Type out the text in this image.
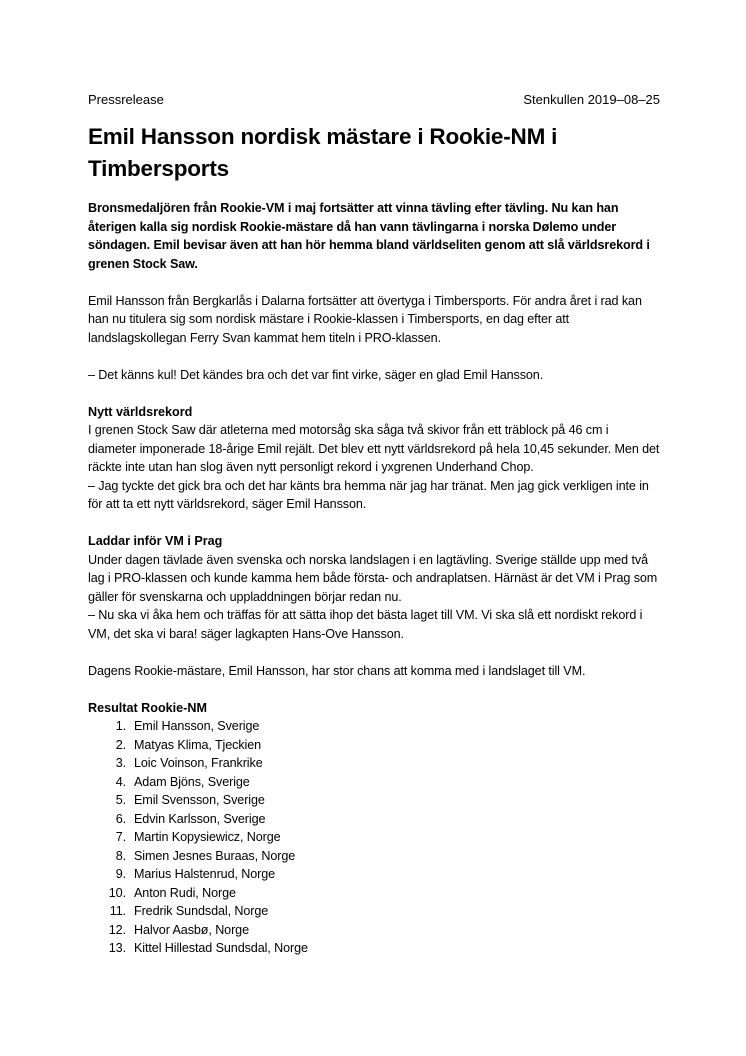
Pressrelease	Stenkullen 2019–08–25
Emil Hansson nordisk mästare i Rookie-NM i Timbersports

Bronsmedaljören från Rookie-VM i maj fortsätter att vinna tävling efter tävling. Nu kan han återigen kalla sig nordisk Rookie-mästare då han vann tävlingarna i norska Dølemo under söndagen. Emil bevisar även att han hör hemma bland världseliten genom att slå världsrekord i grenen Stock Saw.

Emil Hansson från Bergkarlås i Dalarna fortsätter att övertyga i Timbersports. För andra året i rad kan han nu titulera sig som nordisk mästare i Rookie-klassen i Timbersports, en dag efter att landslagskollegan Ferry Svan kammat hem titeln i PRO-klassen.

– Det känns kul! Det kändes bra och det var fint virke, säger en glad Emil Hansson.

Nytt världsrekord

I grenen Stock Saw där atleterna med motorsåg ska såga två skivor från ett träblock på 46 cm i diameter imponerade 18-årige Emil rejält. Det blev ett nytt världsrekord på hela 10,45 sekunder. Men det räckte inte utan han slog även nytt personligt rekord i yxgrenen Underhand Chop.

– Jag tyckte det gick bra och det har känts bra hemma när jag har tränat. Men jag gick verkligen inte in för att ta ett nytt världsrekord, säger Emil Hansson.

Laddar inför VM i Prag

Under dagen tävlade även svenska och norska landslagen i en lagtävling. Sverige ställde upp med två lag i PRO-klassen och kunde kamma hem både första- och andraplatsen. Härnäst är det VM i Prag som gäller för svenskarna och uppladdningen börjar redan nu.

– Nu ska vi åka hem och träffas för att sätta ihop det bästa laget till VM. Vi ska slå ett nordiskt rekord i VM, det ska vi bara! säger lagkapten Hans-Ove Hansson.

Dagens Rookie-mästare, Emil Hansson, har stor chans att komma med i landslaget till VM.

Resultat Rookie-NM
1. Emil Hansson, Sverige
2. Matyas Klima, Tjeckien
3. Loic Voinson, Frankrike
4. Adam Bjöns, Sverige
5. Emil Svensson, Sverige
6. Edvin Karlsson, Sverige
7. Martin Kopysiewicz, Norge
8. Simen Jesnes Buraas, Norge
9. Marius Halstenrud, Norge
10. Anton Rudi, Norge
11. Fredrik Sundsdal, Norge
12. Halvor Aasbø, Norge
13. Kittel Hillestad Sundsdal, Norge
